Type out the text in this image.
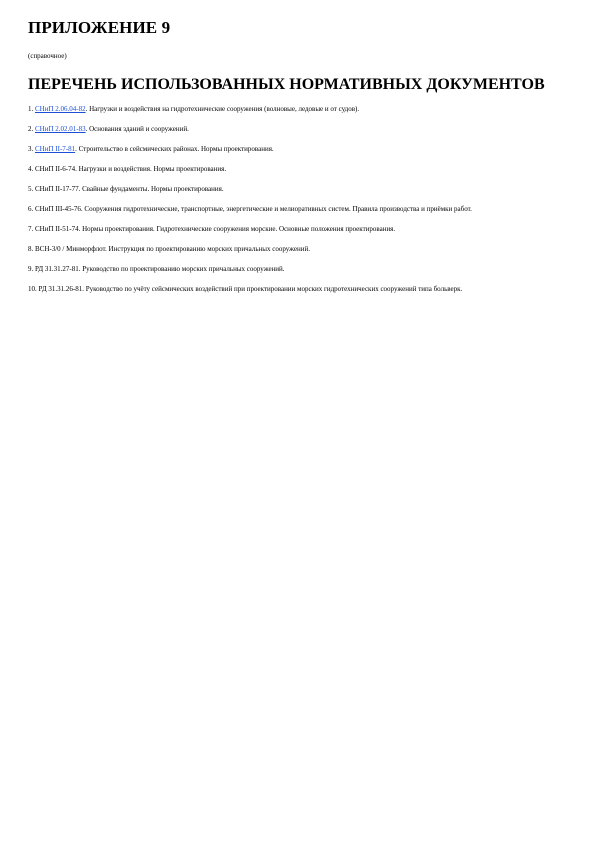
ПРИЛОЖЕНИЕ 9
(справочное)
ПЕРЕЧЕНЬ ИСПОЛЬЗОВАННЫХ НОРМАТИВНЫХ ДОКУМЕНТОВ
1. СНиП 2.06.04-82. Нагрузки и воздействия на гидротехнические сооружения (волновые, ледовые и от судов).
2. СНиП 2.02.01-83. Основания зданий и сооружений.
3. СНиП II-7-81. Строительство в сейсмических районах. Нормы проектирования.
4. СНиП II-6-74. Нагрузки и воздействия. Нормы проектирования.
5. СНиП II-17-77. Свайные фундаменты. Нормы проектирования.
6. СНиП III-45-76. Сооружения гидротехнические, транспортные, энергетические и мелиоративных систем. Правила производства и приёмки работ.
7. СНиП II-51-74. Нормы проектирования. Гидротехнические сооружения морские. Основные положения проектирования.
8. ВСН-3/0 / Минморфлот. Инструкция по проектированию морских причальных сооружений.
9. РД 31.31.27-81. Руководство по проектированию морских причальных сооружений.
10. РД 31.31.26-81. Руководство по учёту сейсмических воздействий при проектировании морских гидротехнических сооружений типа больверк.
